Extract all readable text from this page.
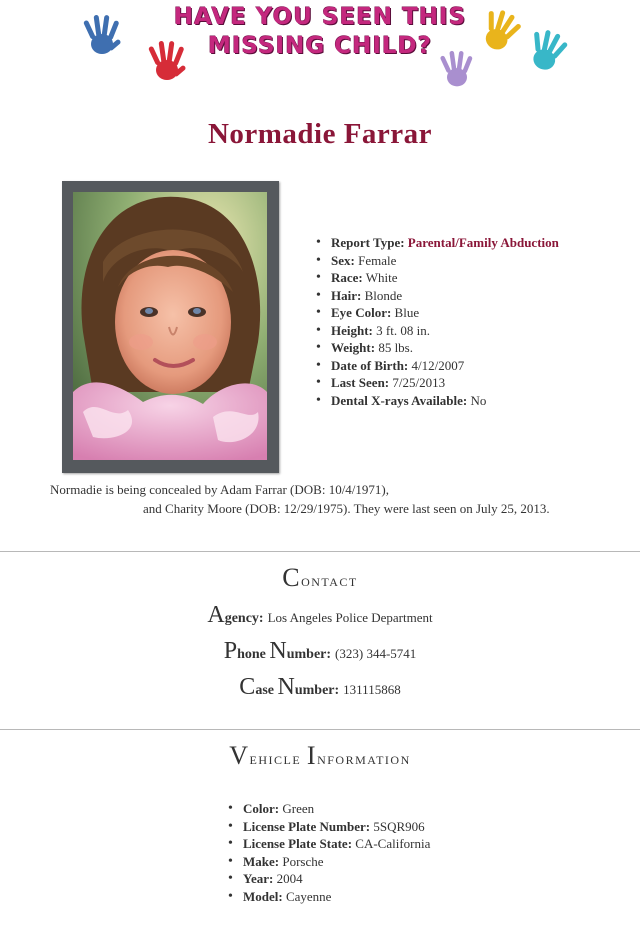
HAVE YOU SEEN THIS
MISSING CHILD?
Normadie Farrar
• Report Type: Parental/Family Abduction
• Sex: Female
• Race: White
• Hair: Blonde
• Eye Color: Blue
• Height: 3 ft. 08 in.
• Weight: 85 lbs.
• Date of Birth: 4/12/2007
• Last Seen: 7/25/2013
• Dental X-rays Available: No
Normadie is being concealed by Adam Farrar (DOB: 10/4/1971),
and Charity Moore (DOB: 12/29/1975). They were last seen on July 25, 2013.
Contact
Agency: Los Angeles Police Department
Phone Number: (323) 344-5741
Case Number: 131115868
Vehicle Information
• Color: Green
• License Plate Number: 5SQR906
• License Plate State: CA-California
• Make: Porsche
• Year: 2004
• Model: Cayenne
